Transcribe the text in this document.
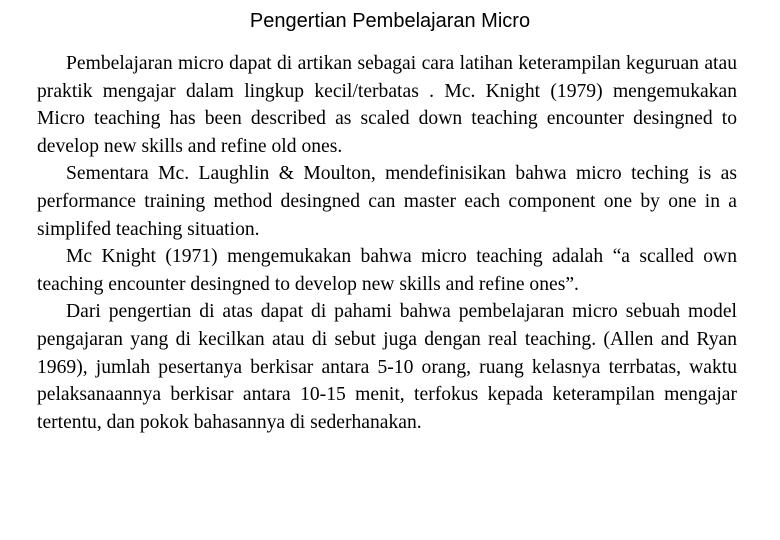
Pengertian Pembelajaran Micro

Pembelajaran micro dapat di artikan sebagai cara latihan keterampilan keguruan atau praktik mengajar dalam lingkup kecil/terbatas . Mc. Knight (1979) mengemukakan Micro teaching has been described as scaled down teaching encounter desingned to develop new skills and refine old ones.

Sementara Mc. Laughlin & Moulton, mendefinisikan bahwa micro teching is as performance training method desingned can master each component one by one in a simplifed teaching situation.

Mc Knight (1971) mengemukakan bahwa micro teaching adalah “a scalled own teaching encounter desingned to develop new skills and refine ones”.

Dari pengertian di atas dapat di pahami bahwa pembelajaran micro sebuah model pengajaran yang di kecilkan atau di sebut juga dengan real teaching. (Allen and Ryan 1969), jumlah pesertanya berkisar antara 5-10 orang, ruang kelasnya terrbatas, waktu pelaksanaannya berkisar antara 10-15 menit, terfokus kepada keterampilan mengajar tertentu, dan pokok bahasannya di sederhanakan.
